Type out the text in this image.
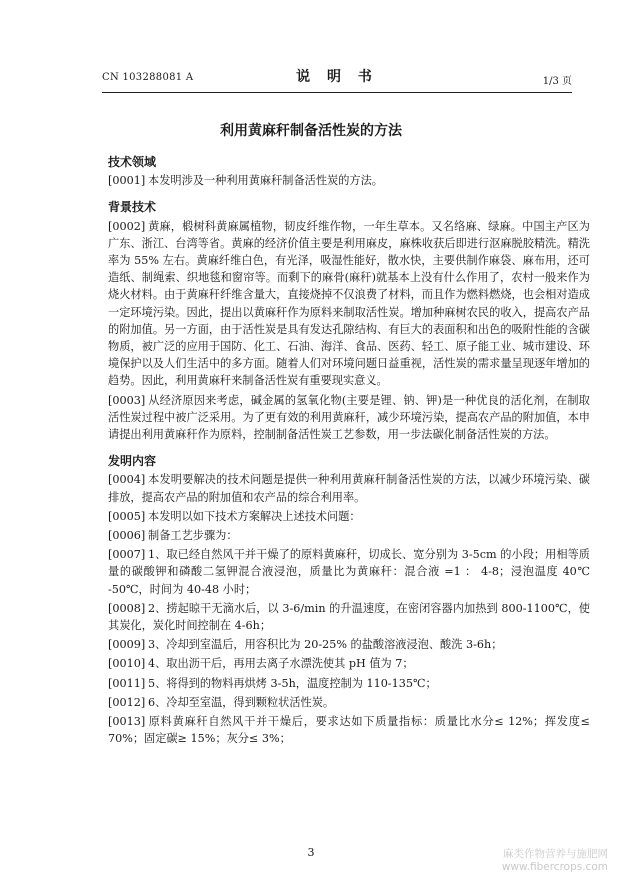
CN 103288081 A	说 明 书	1/3 页
利用黄麻秆制备活性炭的方法
技术领域
[0001] 本发明涉及一种利用黄麻秆制备活性炭的方法。
背景技术
[0002] 黄麻，椴树科黄麻属植物，韧皮纤维作物，一年生草本。又名络麻、绿麻。中国主产区为广东、浙江、台湾等省。黄麻的经济价值主要是利用麻皮，麻株收获后即进行沤麻脱胶精洗。精洗率为 55% 左右。黄麻纤维白色，有光泽，吸湿性能好，散水快，主要供制作麻袋、麻布用，还可造纸、制绳索、织地毯和窗帘等。而剩下的麻骨(麻秆)就基本上没有什么作用了，农村一般来作为烧火材料。由于黄麻秆纤维含量大，直接烧掉不仅浪费了材料，而且作为燃料燃烧，也会相对造成一定环境污染。因此，提出以黄麻秆作为原料来制取活性炭。增加种麻树农民的收入，提高农产品的附加值。另一方面，由于活性炭是具有发达孔隙结构、有巨大的表面积和出色的吸附性能的含碳物质，被广泛的应用于国防、化工、石油、海洋、食品、医药、轻工、原子能工业、城市建设、环境保护以及人们生活中的多方面。随着人们对环境问题日益重视，活性炭的需求量呈现逐年增加的趋势。因此，利用黄麻秆来制备活性炭有重要现实意义。
[0003] 从经济原因来考虑，碱金属的氢氧化物(主要是锂、钠、钾)是一种优良的活化剂，在制取活性炭过程中被广泛采用。为了更有效的利用黄麻秆，减少环境污染，提高农产品的附加值，本申请提出利用黄麻秆作为原料，控制制备活性炭工艺参数，用一步法碳化制备活性炭的方法。
发明内容
[0004] 本发明要解决的技术问题是提供一种利用黄麻秆制备活性炭的方法，以减少环境污染、碳排放，提高农产品的附加值和农产品的综合利用率。
[0005] 本发明以如下技术方案解决上述技术问题：
[0006] 制备工艺步骤为：
[0007] 1、取已经自然风干并干燥了的原料黄麻秆，切成长、宽分别为 3-5cm 的小段；用相等质量的碳酸钾和磷酸二氢钾混合液浸泡，质量比为黄麻秆：混合液 =1 ： 4-8；浸泡温度 40℃ -50℃，时间为 40-48 小时；
[0008] 2、捞起晾干无滴水后，以 3-6/min 的升温速度，在密闭容器内加热到 800-1100℃，使其炭化，炭化时间控制在 4-6h；
[0009] 3、冷却到室温后，用容积比为 20-25% 的盐酸溶液浸泡、酸洗 3-6h；
[0010] 4、取出沥干后，再用去离子水漂洗使其 pH 值为 7；
[0011] 5、将得到的物料再烘烤 3-5h，温度控制为 110-135℃；
[0012] 6、冷却至室温，得到颗粒状活性炭。
[0013] 原料黄麻秆自然风干并干燥后，要求达如下质量指标：质量比水分≤ 12%；挥发度≤ 70%；固定碳≥ 15%；灰分≤ 3%；
3	麻类作物营养与施肥网
www.fibercrops.com
